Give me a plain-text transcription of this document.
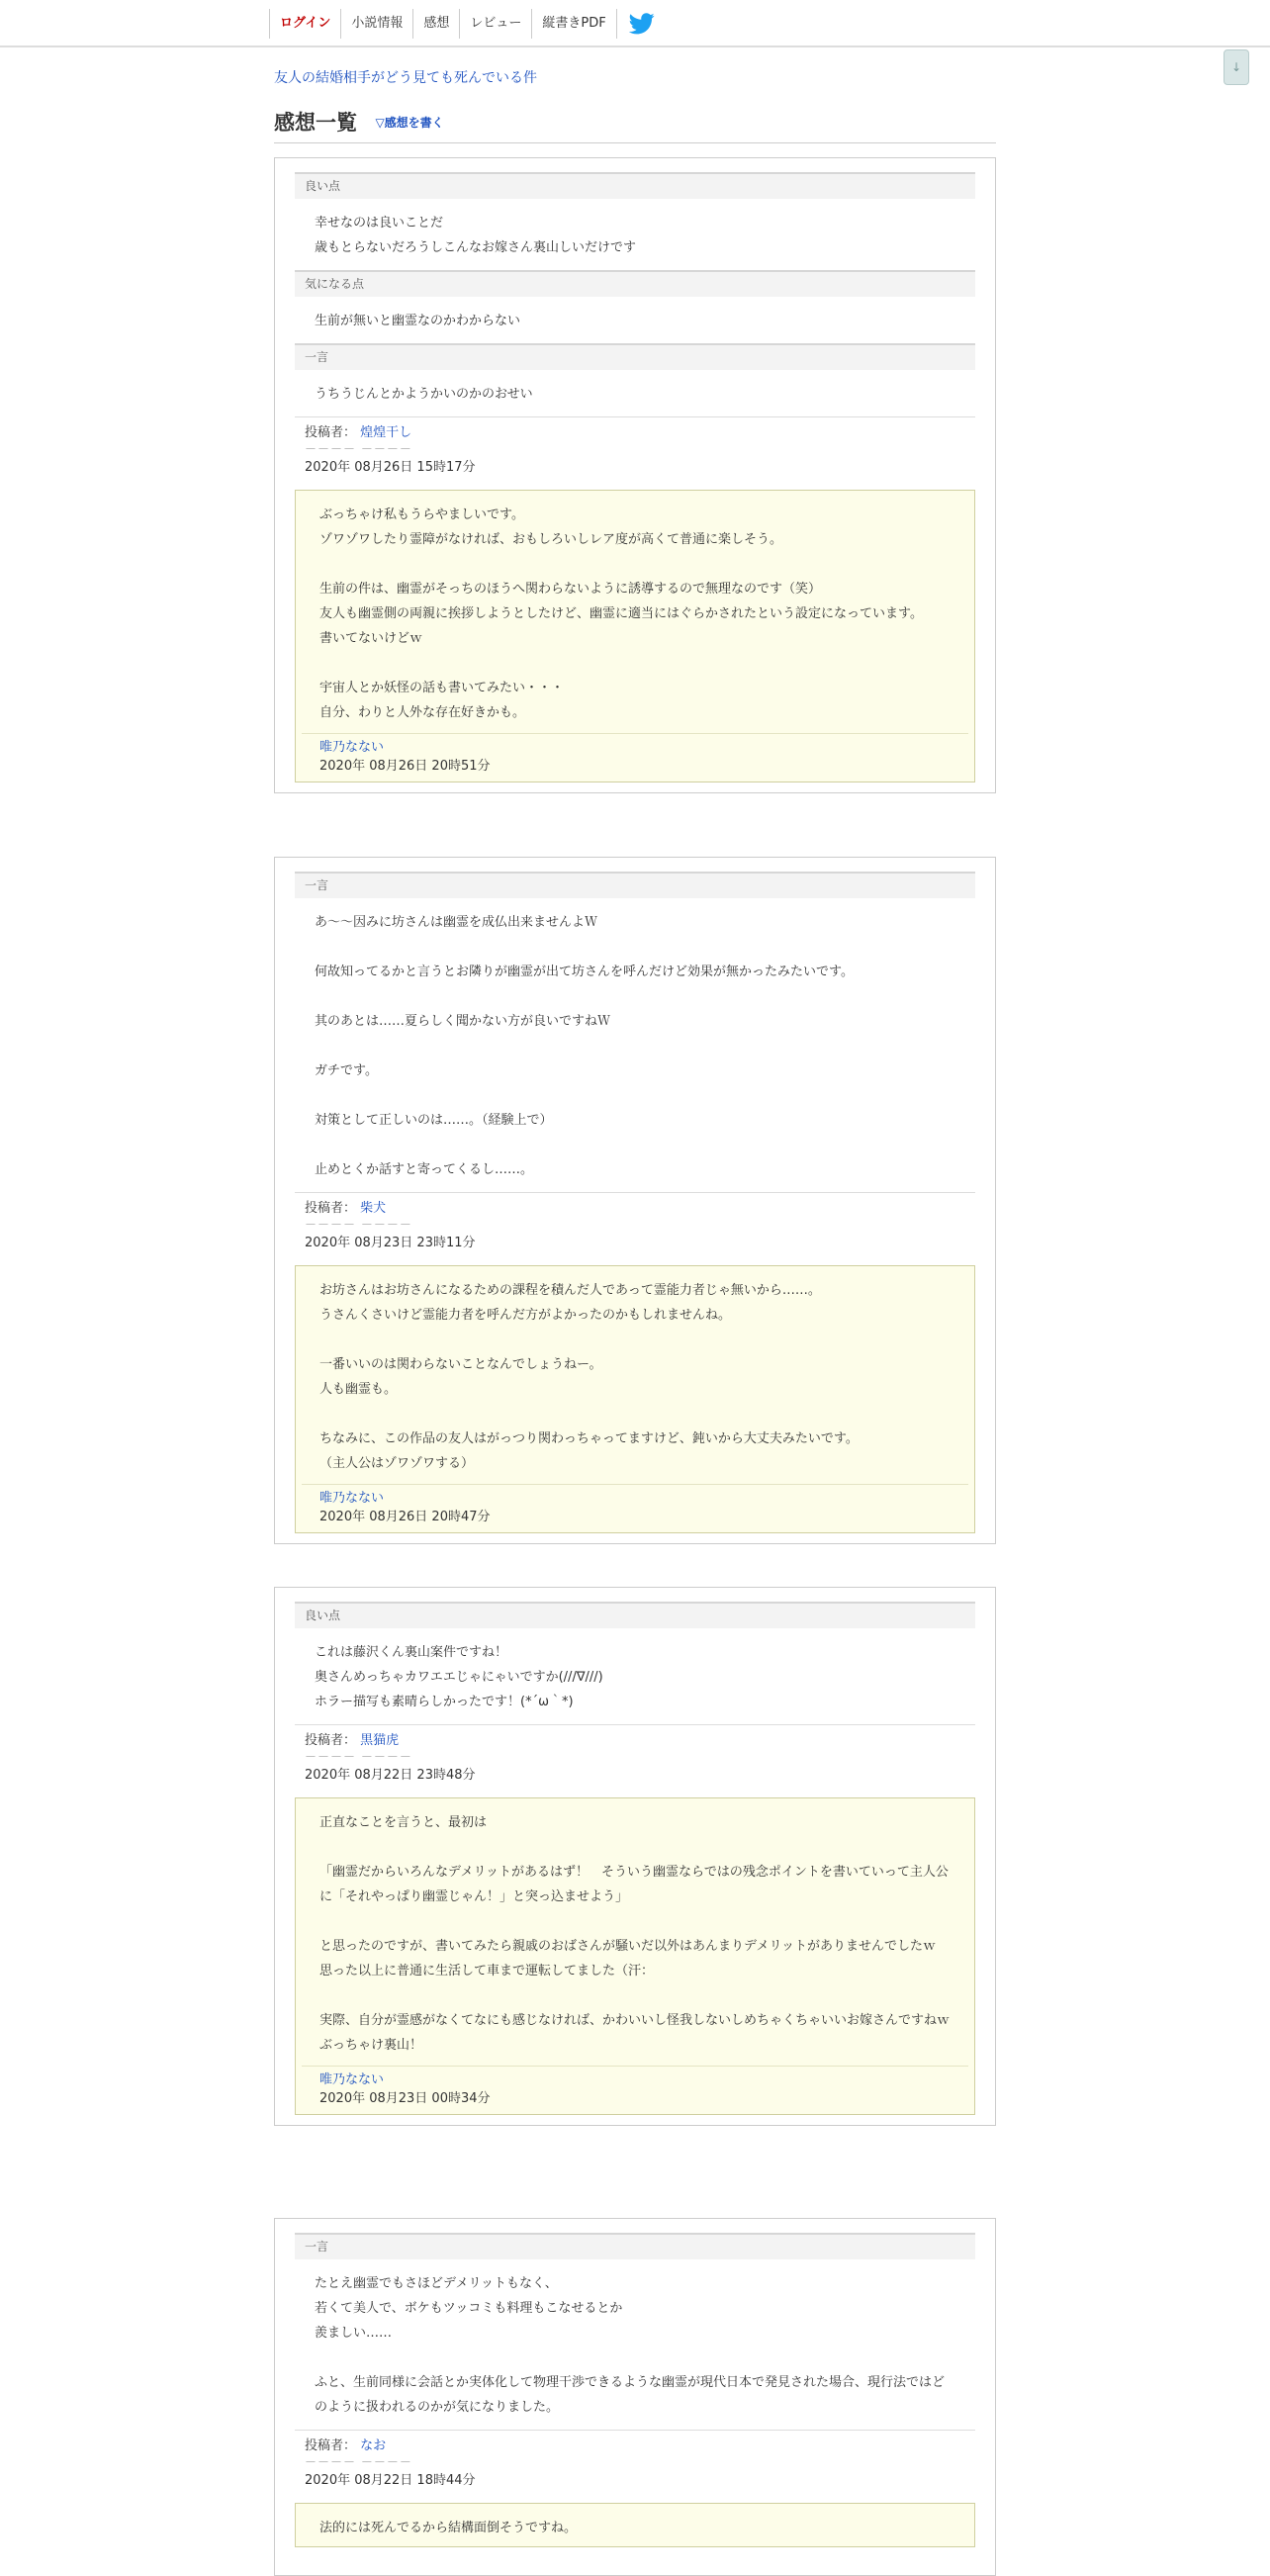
ログイン	小説情報	感想	レビュー	縦書きPDF
↓
友人の結婚相手がどう見ても死んでいる件
感想一覧 ▽感想を書く
良い点
幸せなのは良いことだ
歳もとらないだろうしこんなお嫁さん裏山しいだけです
気になる点
生前が無いと幽霊なのかわからない
一言
うちうじんとかようかいのかのおせい
投稿者： 煌煌干し
－－－－ －－－－
2020年 08月26日 15時17分
ぶっちゃけ私もうらやましいです。
ゾワゾワしたり霊障がなければ、おもしろいしレア度が高くて普通に楽しそう。

生前の件は、幽霊がそっちのほうへ関わらないように誘導するので無理なのです（笑）
友人も幽霊側の両親に挨拶しようとしたけど、幽霊に適当にはぐらかされたという設定になっています。
書いてないけどｗ

宇宙人とか妖怪の話も書いてみたい・・・
自分、わりと人外な存在好きかも。
唯乃なない
2020年 08月26日 20時51分
一言
あ～～因みに坊さんは幽霊を成仏出来ませんよＷ

何故知ってるかと言うとお隣りが幽霊が出て坊さんを呼んだけど効果が無かったみたいです。

其のあとは……夏らしく聞かない方が良いですねＷ

ガチです。

対策として正しいのは……。（経験上で）

止めとくか話すと寄ってくるし……。
投稿者： 柴犬
－－－－ －－－－
2020年 08月23日 23時11分
お坊さんはお坊さんになるための課程を積んだ人であって霊能力者じゃ無いから……。
うさんくさいけど霊能力者を呼んだ方がよかったのかもしれませんね。

一番いいのは関わらないことなんでしょうねー。
人も幽霊も。

ちなみに、この作品の友人はがっつり関わっちゃってますけど、鈍いから大丈夫みたいです。
（主人公はゾワゾワする）
唯乃なない
2020年 08月26日 20時47分
良い点
これは藤沢くん裏山案件ですね！
奥さんめっちゃカワエエじゃにゃいですか(///∇///)
ホラー描写も素晴らしかったです！(*´ω｀*)
投稿者： 黒猫虎
－－－－ －－－－
2020年 08月22日 23時48分
正直なことを言うと、最初は

「幽霊だからいろんなデメリットがあるはず！　そういう幽霊ならではの残念ポイントを書いていって主人公に「それやっぱり幽霊じゃん！」と突っ込ませよう」

と思ったのですが、書いてみたら親戚のおばさんが騒いだ以外はあんまりデメリットがありませんでしたｗ
思った以上に普通に生活して車まで運転してました（汗：

実際、自分が霊感がなくてなにも感じなければ、かわいいし怪我しないしめちゃくちゃいいお嫁さんですねｗ
ぶっちゃけ裏山！
唯乃なない
2020年 08月23日 00時34分
一言
たとえ幽霊でもさほどデメリットもなく、
若くて美人で、ボケもツッコミも料理もこなせるとか
羨ましい……

ふと、生前同様に会話とか実体化して物理干渉できるような幽霊が現代日本で発見された場合、現行法ではどのように扱われるのかが気になりました。
投稿者： なお
－－－－ －－－－
2020年 08月22日 18時44分
法的には死んでるから結構面倒そうですね。
